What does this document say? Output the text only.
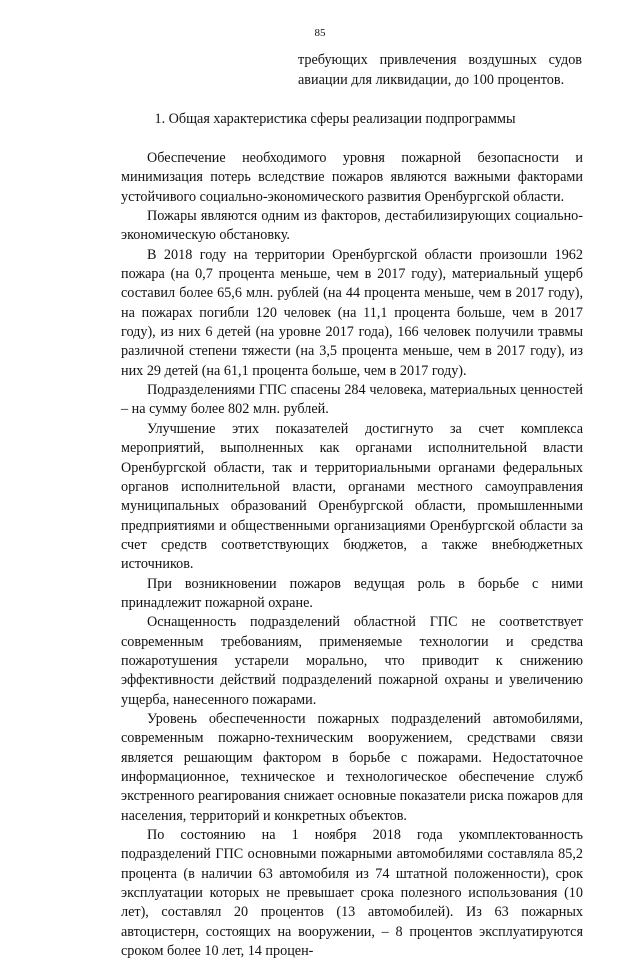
85
требующих привлечения воздушных судов авиации для ликвидации, до 100 процентов.
1. Общая характеристика сферы реализации подпрограммы

Обеспечение необходимого уровня пожарной безопасности и минимизация потерь вследствие пожаров являются важными факторами устойчивого социально-экономического развития Оренбургской области.

Пожары являются одним из факторов, дестабилизирующих социально-экономическую обстановку.

В 2018 году на территории Оренбургской области произошли 1962 пожара (на 0,7 процента меньше, чем в 2017 году), материальный ущерб составил более 65,6 млн. рублей (на 44 процента меньше, чем в 2017 году), на пожарах погибли 120 человек (на 11,1 процента больше, чем в 2017 году), из них 6 детей (на уровне 2017 года), 166 человек получили травмы различной степени тяжести (на 3,5 процента меньше, чем в 2017 году), из них 29 детей (на 61,1 процента больше, чем в 2017 году).

Подразделениями ГПС спасены 284 человека, материальных ценностей – на сумму более 802 млн. рублей.

Улучшение этих показателей достигнуто за счет комплекса мероприятий, выполненных как органами исполнительной власти Оренбургской области, так и территориальными органами федеральных органов исполнительной власти, органами местного самоуправления муниципальных образований Оренбургской области, промышленными предприятиями и общественными организациями Оренбургской области за счет средств соответствующих бюджетов, а также внебюджетных источников.

При возникновении пожаров ведущая роль в борьбе с ними принадлежит пожарной охране.

Оснащенность подразделений областной ГПС не соответствует современным требованиям, применяемые технологии и средства пожаротушения устарели морально, что приводит к снижению эффективности действий подразделений пожарной охраны и увеличению ущерба, нанесенного пожарами.

Уровень обеспеченности пожарных подразделений автомобилями, современным пожарно-техническим вооружением, средствами связи является решающим фактором в борьбе с пожарами. Недостаточное информационное, техническое и технологическое обеспечение служб экстренного реагирования снижает основные показатели риска пожаров для населения, территорий и конкретных объектов.

По состоянию на 1 ноября 2018 года укомплектованность подразделений ГПС основными пожарными автомобилями составляла 85,2 процента (в наличии 63 автомобиля из 74 штатной положенности), срок эксплуатации которых не превышает срока полезного использования (10 лет), составлял 20 процентов (13 автомобилей). Из 63 пожарных автоцистерн, состоящих на вооружении, – 8 процентов эксплуатируются сроком более 10 лет, 14 процен-
